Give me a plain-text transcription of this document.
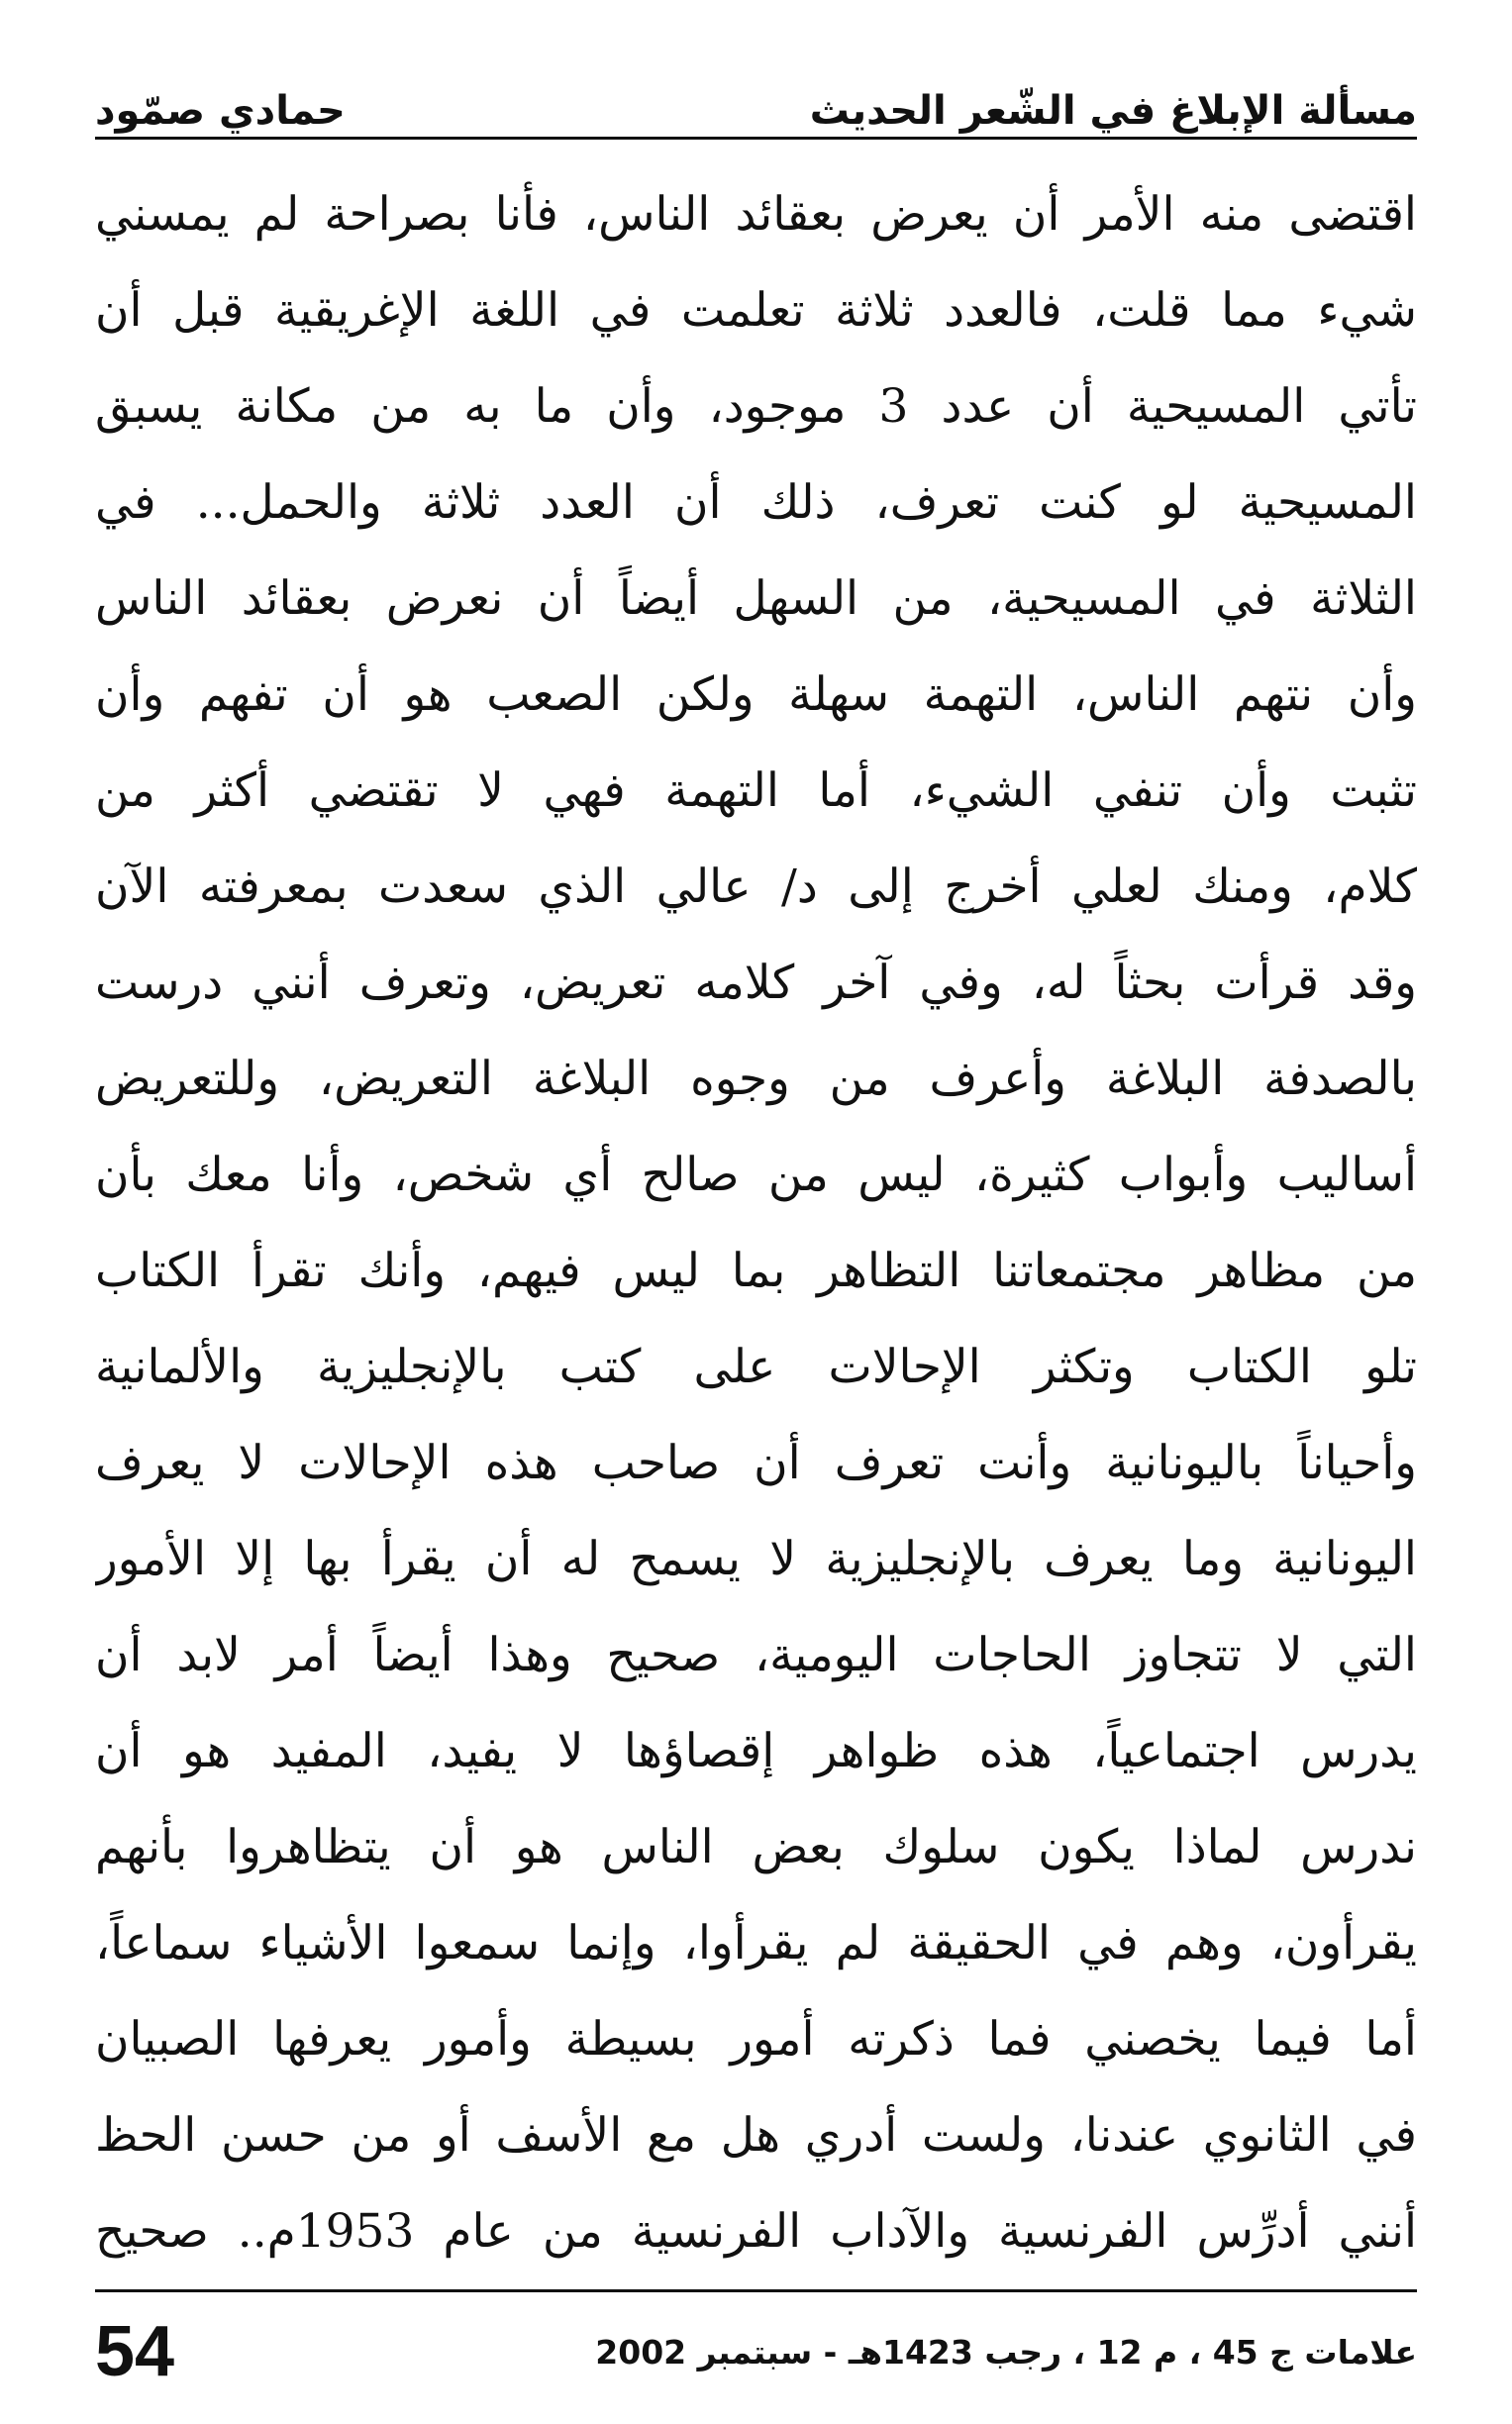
مسألة الإبلاغ في الشّعر الحديث
حمادي صمّود
اقتضى منه الأمر أن يعرض بعقائد الناس، فأنا بصراحة لم يمسني
شيء مما قلت، فالعدد ثلاثة تعلمت في اللغة الإغريقية قبل أن
تأتي المسيحية أن عدد 3 موجود، وأن ما به من مكانة يسبق
المسيحية لو كنت تعرف، ذلك أن العدد ثلاثة والحمل... في
الثلاثة في المسيحية، من السهل أيضاً أن نعرض بعقائد الناس
وأن نتهم الناس، التهمة سهلة ولكن الصعب هو أن تفهم وأن
تثبت وأن تنفي الشيء، أما التهمة فهي لا تقتضي أكثر من
كلام، ومنك لعلي أخرج إلى د/ عالي الذي سعدت بمعرفته الآن
وقد قرأت بحثاً له، وفي آخر كلامه تعريض، وتعرف أنني درست
بالصدفة البلاغة وأعرف من وجوه البلاغة التعريض، وللتعريض
أساليب وأبواب كثيرة، ليس من صالح أي شخص، وأنا معك بأن
من مظاهر مجتمعاتنا التظاهر بما ليس فيهم، وأنك تقرأ الكتاب
تلو الكتاب وتكثر الإحالات على كتب بالإنجليزية والألمانية
وأحياناً باليونانية وأنت تعرف أن صاحب هذه الإحالات لا يعرف
اليونانية وما يعرف بالإنجليزية لا يسمح له أن يقرأ بها إلا الأمور
التي لا تتجاوز الحاجات اليومية، صحيح وهذا أيضاً أمر لابد أن
يدرس اجتماعياً، هذه ظواهر إقصاؤها لا يفيد، المفيد هو أن
ندرس لماذا يكون سلوك بعض الناس هو أن يتظاهروا بأنهم
يقرأون، وهم في الحقيقة لم يقرأوا، وإنما سمعوا الأشياء سماعاً،
أما فيما يخصني فما ذكرته أمور بسيطة وأمور يعرفها الصبيان
في الثانوي عندنا، ولست أدري هل مع الأسف أو من حسن الحظ
أنني أدرِّس الفرنسية والآداب الفرنسية من عام 1953م.. صحيح
علامات ج 45 ، م 12 ، رجب 1423هـ - سبتمبر 2002
54
